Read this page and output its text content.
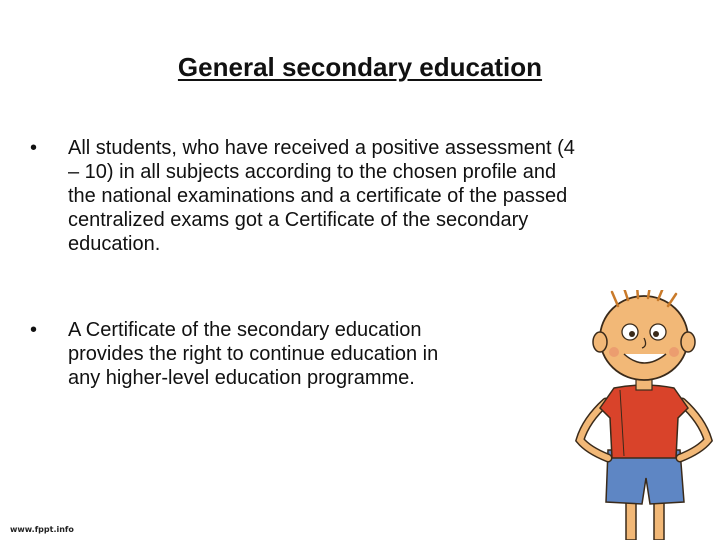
General secondary education
•	All students, who have received a positive assessment (4
– 10) in all subjects according to the chosen profile and
the national examinations and a certificate of the passed
centralized exams got a Certificate of the secondary
education.
•	A Certificate of the secondary education
provides the right to continue education in
any higher-level education programme.
www.fppt.info
